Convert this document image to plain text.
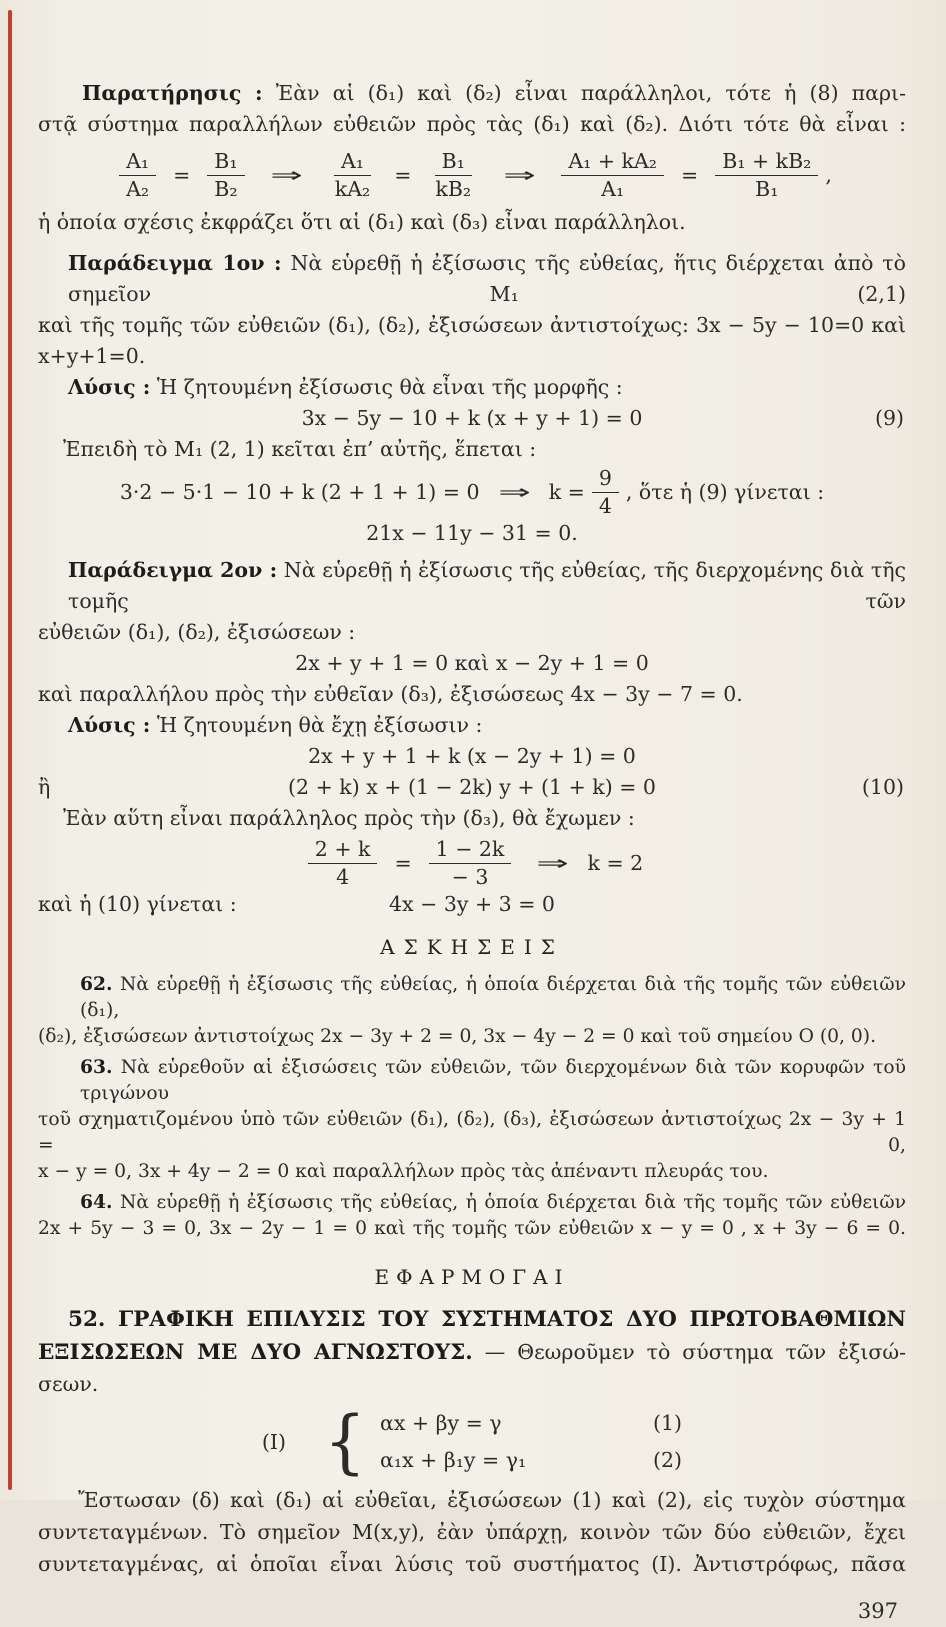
Παρατήρησις : Ἐὰν αἱ (δ₁) καὶ (δ₂) εἶναι παράλληλοι, τότε ἡ (8) παρι-
στᾷ σύστημα παραλλήλων εὐθειῶν πρὸς τὰς (δ₁) καὶ (δ₂). Διότι τότε θὰ εἶναι :
$\frac{\text{A₁}}{\text{A₂}} = \frac{\text{B₁}}{\text{B₂}}$ ⇒ $\frac{\text{A₁}}{\text{kA₂}} = \frac{\text{B₁}}{\text{kB₂}}$ ⇒ $\frac{\text{A₁ + kA₂}}{\text{A₁}} = \frac{\text{B₁ + kB₂}}{\text{B₁}}$ ,
ἡ ὁποία σχέσις ἐκφράζει ὅτι αἱ (δ₁) καὶ (δ₃) εἶναι παράλληλοι.
Παράδειγμα 1ον : Νὰ εὑρεθῇ ἡ ἐξίσωσις τῆς εὐθείας, ἥτις διέρχεται ἀπὸ τὸ σημεῖον M₁ (2,1)
καὶ τῆς τομῆς τῶν εὐθειῶν (δ₁), (δ₂), ἐξισώσεων ἀντιστοίχως: 3x − 5y − 10=0 καὶ x+y+1=0.
Λύσις : Ἡ ζητουμένη ἐξίσωσις θὰ εἶναι τῆς μορφῆς :
3x − 5y − 10 + k (x + y + 1) = 0	(9)
Ἐπειδὴ τὸ M₁ (2, 1) κεῖται ἐπ’ αὐτῆς, ἕπεται :
3·2 − 5·1 − 10 + k (2 + 1 + 1) = 0 ⇒ $k = \frac{9}{4}$ , ὅτε ἡ (9) γίνεται :
21x − 11y − 31 = 0.
Παράδειγμα 2ον : Νὰ εὑρεθῇ ἡ ἐξίσωσις τῆς εὐθείας, τῆς διερχομένης διὰ τῆς τομῆς τῶν
εὐθειῶν (δ₁), (δ₂), ἐξισώσεων :
2x + y + 1 = 0 καὶ x − 2y + 1 = 0
καὶ παραλλήλου πρὸς τὴν εὐθεῖαν (δ₃), ἐξισώσεως 4x − 3y − 7 = 0.
Λύσις : Ἡ ζητουμένη θὰ ἔχῃ ἐξίσωσιν :
2x + y + 1 + k (x − 2y + 1) = 0
ἢ	(2 + k) x + (1 − 2k) y + (1 + k) = 0	(10)
Ἐὰν αὕτη εἶναι παράλληλος πρὸς τὴν (δ₃), θὰ ἔχωμεν :
$\frac{2 + k}{4} = \frac{1 - 2k}{- 3}$ ⇒ k = 2
καὶ ἡ (10) γίνεται :	4x − 3y + 3 = 0
ΑΣΚΗΣΕΙΣ
62. Νὰ εὑρεθῇ ἡ ἐξίσωσις τῆς εὐθείας, ἡ ὁποία διέρχεται διὰ τῆς τομῆς τῶν εὐθειῶν (δ₁),
(δ₂), ἐξισώσεων ἀντιστοίχως 2x − 3y + 2 = 0, 3x − 4y − 2 = 0 καὶ τοῦ σημείου O (0, 0).
63. Νὰ εὑρεθοῦν αἱ ἐξισώσεις τῶν εὐθειῶν, τῶν διερχομένων διὰ τῶν κορυφῶν τοῦ τριγώνου
τοῦ σχηματιζομένου ὑπὸ τῶν εὐθειῶν (δ₁), (δ₂), (δ₃), ἐξισώσεων ἀντιστοίχως 2x − 3y + 1 = 0,
x − y = 0, 3x + 4y − 2 = 0 καὶ παραλλήλων πρὸς τὰς ἀπέναντι πλευράς του.
64. Νὰ εὑρεθῇ ἡ ἐξίσωσις τῆς εὐθείας, ἡ ὁποία διέρχεται διὰ τῆς τομῆς τῶν εὐθειῶν
2x + 5y − 3 = 0, 3x − 2y − 1 = 0 καὶ τῆς τομῆς τῶν εὐθειῶν x − y = 0 , x + 3y − 6 = 0.
ΕΦΑΡΜΟΓΑΙ
52. ΓΡΑΦΙΚΗ ΕΠΙΛΥΣΙΣ ΤΟΥ ΣΥΣΤΗΜΑΤΟΣ ΔΥΟ ΠΡΩΤΟΒΑΘΜΙΩΝ
ΕΞΙΣΩΣΕΩΝ ΜΕ ΔΥΟ ΑΓΝΩΣΤΟΥΣ. — Θεωροῦμεν τὸ σύστημα τῶν ἐξισώ-
σεων.
(I) { αx + βy = γ	(1)
α₁x + β₁y = γ₁	(2)
Ἔστωσαν (δ) καὶ (δ₁) αἱ εὐθεῖαι, ἐξισώσεων (1) καὶ (2), εἰς τυχὸν σύστημα
συντεταγμένων. Τὸ σημεῖον M(x,y), ἐὰν ὑπάρχῃ, κοινὸν τῶν δύο εὐθειῶν, ἔχει
συντεταγμένας, αἱ ὁποῖαι εἶναι λύσις τοῦ συστήματος (I). Ἀντιστρόφως, πᾶσα
397
